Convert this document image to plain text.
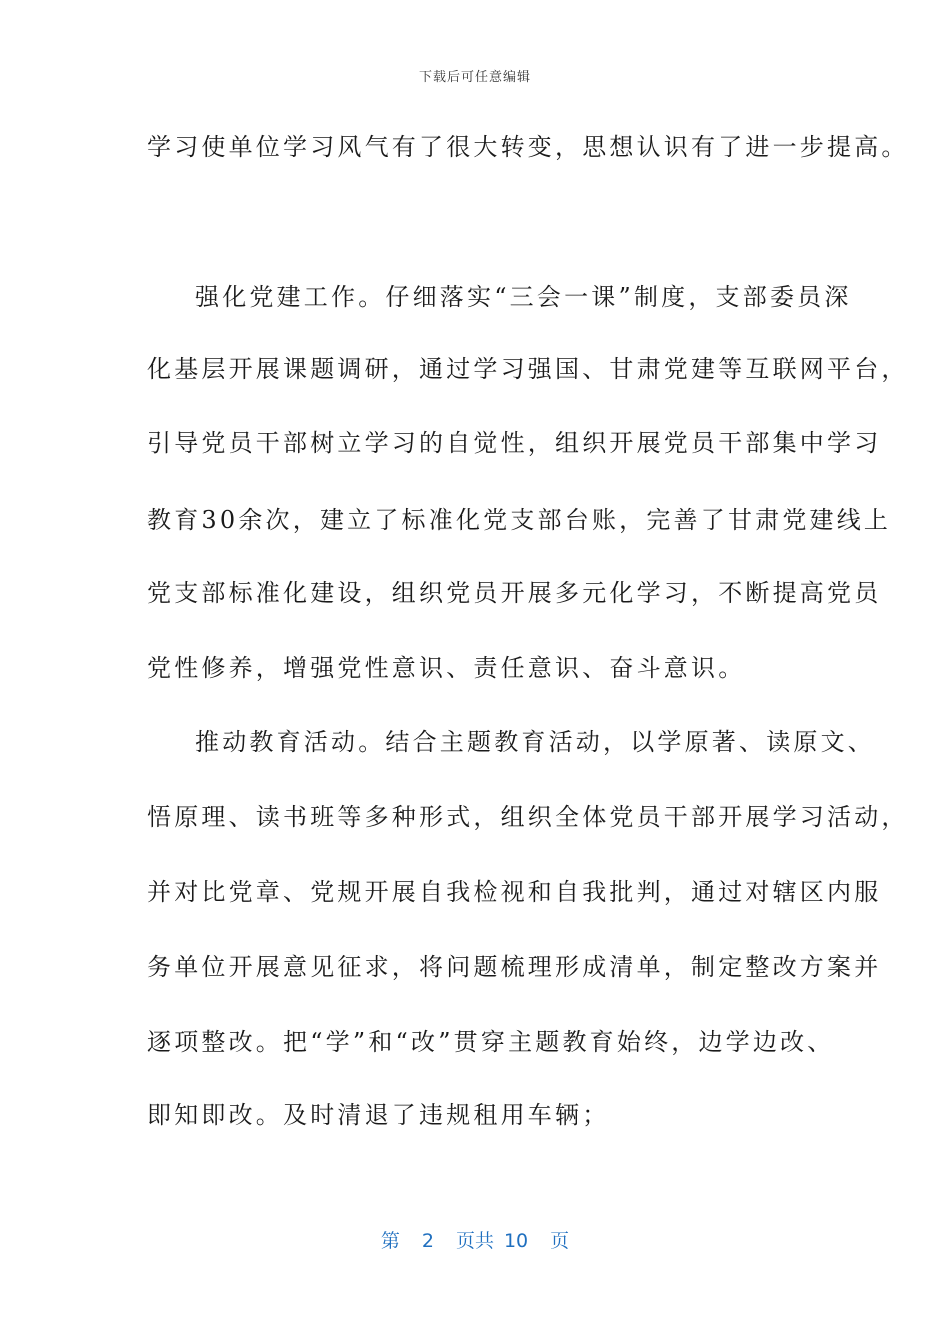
下载后可任意编辑
学习使单位学习风气有了很大转变，思想认识有了进一步提高。
强化党建工作。仔细落实“三会一课”制度，支部委员深
化基层开展课题调研，通过学习强国、甘肃党建等互联网平台，
引导党员干部树立学习的自觉性，组织开展党员干部集中学习
教育30余次，建立了标准化党支部台账，完善了甘肃党建线上
党支部标准化建设，组织党员开展多元化学习，不断提高党员
党性修养，增强党性意识、责任意识、奋斗意识。
推动教育活动。结合主题教育活动，以学原著、读原文、
悟原理、读书班等多种形式，组织全体党员干部开展学习活动，
并对比党章、党规开展自我检视和自我批判，通过对辖区内服
务单位开展意见征求，将问题梳理形成清单，制定整改方案并
逐项整改。把“学”和“改”贯穿主题教育始终，边学边改、
即知即改。及时清退了违规租用车辆；
第 2 页共 10 页
